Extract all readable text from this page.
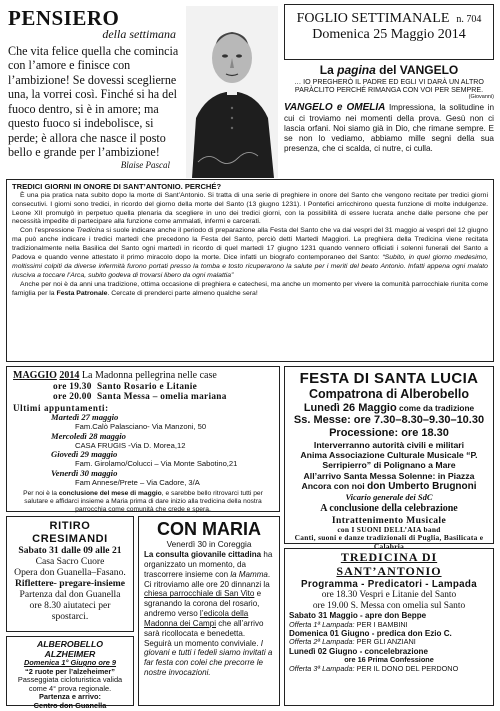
PENSIERO
della settimana
Che vita felice quella che comincia con l’amore e finisce con l’ambizione! Se dovessi sceglierne una, la vorrei così. Finché si ha del fuoco dentro, si è in amore; ma questo fuoco si indebolisce, si perde; è allora che nasce il posto bello e grande per l’ambizione!
Blaise Pascal
FOGLIO SETTIMANALE n. 704
Domenica 25 Maggio 2014
La pagina del VANGELO
… IO PREGHERÒ IL PADRE ED EGLI VI DARÀ UN ALTRO PARÀCLITO PERCHÉ RIMANGA CON VOI PER SEMPRE.
(Giovanni)
VANGELO e OMELIA Impressiona, la solitudine in cui ci troviamo nei momenti della prova. Gesù non ci lascia orfani. Noi siamo già in Dio, che rimane sempre. E se non lo vediamo, abbiamo mille segni della sua presenza, che ci scalda, ci nutre, ci culla.
TREDICI GIORNI IN ONORE DI SANT’ANTONIO. PERCHÉ?

È una pia pratica nata subito dopo la morte di Sant’Antonio. Si tratta di una serie di preghiere in onore del Santo che vengono recitate per tredici giorni consecutivi. I giorni sono tredici, in ricordo del giorno della morte del Santo (13 giugno 1231). I Pontefici arricchirono questa funzione di molte indulgenze. Leone XII promulgò in perpetuo quella plenaria da scegliere in uno dei tredici giorni, con la possibilità di essere lucrata anche dalle persone che per necessità impedite di partecipare alla funzione come ammalati, infermi e carcerati.

Con l’espressione Tredicina si suole indicare anche il periodo di preparazione alla Festa del Santo che va dai vespri del 31 maggio ai vespri del 12 giugno ma può anche indicare i tredici martedì che precedono la Festa del Santo, perciò detti Martedì Maggiori. La preghiera della Tredicina viene recitata tradizionalmente nella Basilica del Santo ogni martedì in ricordo di quel martedì 17 giugno 1231 quando vennero officiati i solenni funerali del Santo a Padova e quando venne attestato il primo miracolo dopo la morte. Dice infatti un biografo contemporaneo del Santo: “Subito, in quel giorno medesimo, moltissimi colpiti da diverse infermità furono portati presso la tomba e tosto ricuperarono la salute per i meriti del beato Antonio. Infatti appena ogni malato riusciva a toccare l’Arca, subito godeva di trovarsi libero da ogni malattia”

Anche per noi è da anni una tradizione, ottima occasione di preghiera e catechesi, ma anche un momento per vivere la comunità parrocchiale riunita come famiglia per la Festa Patronale. Cercate di prenderci parte almeno qualche sera!

MAGGIO 2014 La Madonna pellegrina nelle case
ore 19.30 Santo Rosario e Litanie
ore 20.00 Santa Messa – omelia mariana
Ultimi appuntamenti:
Martedì 27 maggio
Fam.Calò Palasciano- Via Manzoni, 50
Mercoledì 28 maggio
CASA FRUGIS -Via D. Morea,12
Giovedì 29 maggio
Fam. Girolamo/Colucci – Via Monte Sabotino,21
Venerdì 30 maggio
Fam Annese/Prete – Via Cadore, 3/A
Per noi è la conclusione del mese di maggio, e sarebbe bello ritrovarci tutti per salutare e affidarci insieme a Maria prima di dare inizio alla tredicina della nostra parrocchia come comunità che crede e spera.
FESTA DI SANTA LUCIA
Compatrona di Alberobello
Lunedì 26 Maggio come da tradizione
Ss. Messe: ore 7.30–8.30–9.30–10.30
Processione: ore 18.30
Interverranno autorità civili e militari
Anima Associazione Culturale Musicale “P. Serripierro” di Polignano a Mare
All’arrivo Santa Messa Solenne: in Piazza
Ancora con noi don Umberto Brugnoni
Vicario generale dei SdC
A conclusione della celebrazione
Intrattenimento Musicale
con I SUONI DELL’AIA band
Canti, suoni e danze tradizionali di Puglia, Basilicata e Calabria
RITIRO CRESIMANDI
Sabato 31 dalle 09 alle 21
Casa Sacro Cuore
Opera don Guanella–Fasano.
Riflettere- pregare-insieme
Partenza dal don Guanella
ore 8.30 aiutateci per spostarci.
CON MARIA
Venerdì 30 in Coreggia
La consulta giovanile cittadina ha organizzato un momento, da trascorrere insieme con la Mamma. Ci ritroviamo alle ore 20 dinnanzi la chiesa parrocchiale di San Vito e sgranando la corona del rosario, andremo verso l’edicola della Madonna dei Campi che all’arrivo sarà ricollocata e benedetta. Seguirà un momento conviviale. I giovani e tutti i fedeli siamo invitati a far festa con colei che precorre le nostre invocazioni.
ALBEROBELLO
ALZHEIMER
Domenica 1° Giugno ore 9
“2 ruote per l’alzeheimer”
Passeggiata cicloturistica valida come 4° prova regionale.
Partenza e arrivo:
Centro don Guanella
TREDICINA DI
SANT’ANTONIO
Programma - Predicatori - Lampada
ore 18.30 Vespri e Litanie del Santo
ore 19.00 S. Messa con omelia sul Santo
Sabato 31 Maggio - apre don Beppe
Offerta 1ª Lampada: PER I BAMBINI
Domenica 01 Giugno - predica don Ezio C.
Offerta 2ª Lampada: PER GLI ANZIANI
Lunedì 02 Giugno - concelebrazione
ore 16 Prima Confessione
Offerta 3ª Lampada: PER IL DONO DEL PERDONO
